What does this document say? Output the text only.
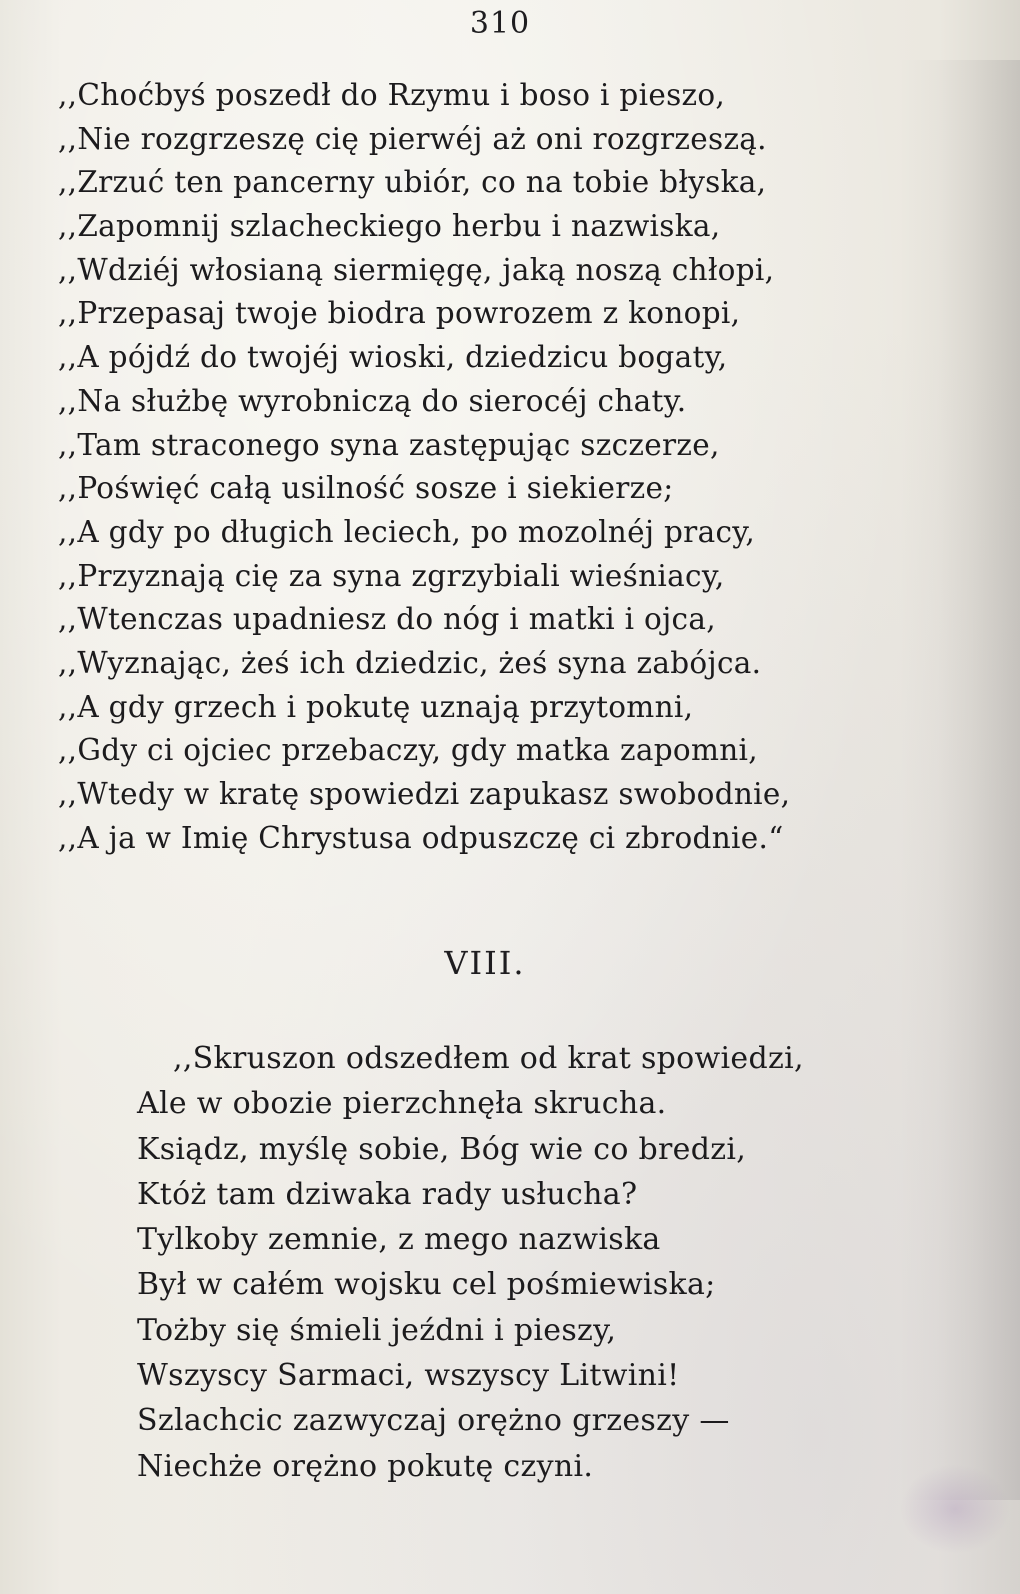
310
,,Choćbyś poszedł do Rzymu i boso i pieszo,
,,Nie rozgrzeszę cię pierwéj aż oni rozgrzeszą.
,,Zrzuć ten pancerny ubiór, co na tobie błyska,
,,Zapomnij szlacheckiego herbu i nazwiska,
,,Wdziéj włosianą siermięgę, jaką noszą chłopi,
,,Przepasaj twoje biodra powrozem z konopi,
,,A pójdź do twojéj wioski, dziedzicu bogaty,
,,Na służbę wyrobniczą do sierocéj chaty.
,,Tam straconego syna zastępując szczerze,
,,Poświęć całą usilność sosze i siekierze;
,,A gdy po długich leciech, po mozolnéj pracy,
,,Przyznają cię za syna zgrzybiali wieśniacy,
,,Wtenczas upadniesz do nóg i matki i ojca,
,,Wyznając, żeś ich dziedzic, żeś syna zabójca.
,,A gdy grzech i pokutę uznają przytomni,
,,Gdy ci ojciec przebaczy, gdy matka zapomni,
,,Wtedy w kratę spowiedzi zapukasz swobodnie,
,,A ja w Imię Chrystusa odpuszczę ci zbrodnie.“
VIII.
,,Skruszon odszedłem od krat spowiedzi,
Ale w obozie pierzchnęła skrucha.
Ksiądz, myślę sobie, Bóg wie co bredzi,
Któż tam dziwaka rady usłucha?
Tylkoby zemnie, z mego nazwiska
Był w całém wojsku cel pośmiewiska;
Tożby się śmieli jeźdni i pieszy,
Wszyscy Sarmaci, wszyscy Litwini!
Szlachcic zazwyczaj orężno grzeszy —
Niechże orężno pokutę czyni.
